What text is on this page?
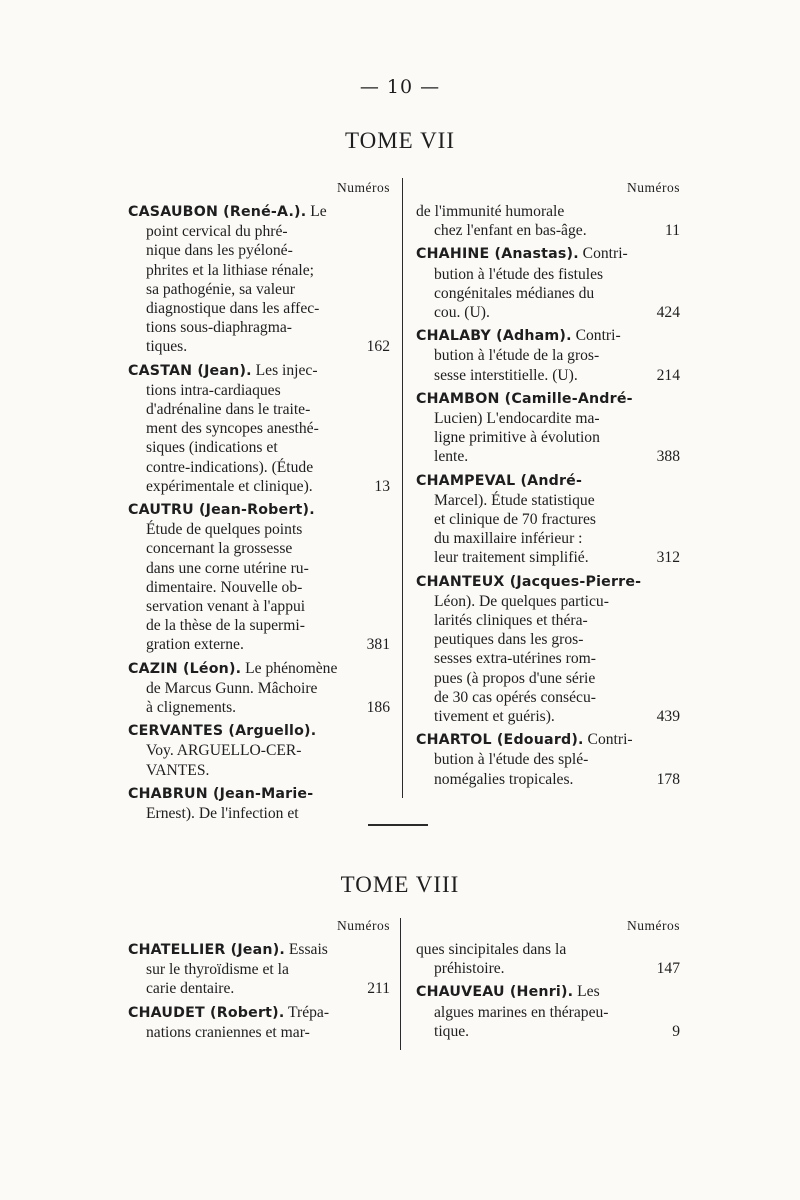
— 10 —
TOME VII
TOME VIII
Numéros
CASAUBON (René-A.). Le
point cervical du phré-
nique dans les pyéloné-
phrites et la lithiase rénale;
sa pathogénie, sa valeur
diagnostique dans les affec-
tions sous-diaphragma-
tiques.	162
CASTAN (Jean). Les injec-
tions intra-cardiaques
d'adrénaline dans le traite-
ment des syncopes anesthé-
siques (indications et
contre-indications). (Étude
expérimentale et clinique).	13
CAUTRU (Jean-Robert).
Étude de quelques points
concernant la grossesse
dans une corne utérine ru-
dimentaire. Nouvelle ob-
servation venant à l'appui
de la thèse de la supermi-
gration externe.	381
CAZIN (Léon). Le phénomène
de Marcus Gunn. Mâchoire
à clignements.	186
CERVANTES (Arguello).
Voy. ARGUELLO-CER-
VANTES.
CHABRUN (Jean-Marie-
Ernest). De l'infection et
Numéros
de l'immunité humorale
chez l'enfant en bas-âge.	11
CHAHINE (Anastas). Contri-
bution à l'étude des fistules
congénitales médianes du
cou. (U).	424
CHALABY (Adham). Contri-
bution à l'étude de la gros-
sesse interstitielle. (U).	214
CHAMBON (Camille-André-
Lucien) L'endocardite ma-
ligne primitive à évolution
lente.	388
CHAMPEVAL (André-
Marcel). Étude statistique
et clinique de 70 fractures
du maxillaire inférieur :
leur traitement simplifié.	312
CHANTEUX (Jacques-Pierre-
Léon). De quelques particu-
larités cliniques et théra-
peutiques dans les gros-
sesses extra-utérines rom-
pues (à propos d'une série
de 30 cas opérés consécu-
tivement et guéris).	439
CHARTOL (Edouard). Contri-
bution à l'étude des splé-
nomégalies tropicales.	178
Numéros
CHATELLIER (Jean). Essais
sur le thyroïdisme et la
carie dentaire.	211
CHAUDET (Robert). Trépa-
nations craniennes et mar-
Numéros
ques sincipitales dans la
préhistoire.	147
CHAUVEAU (Henri). Les
algues marines en thérapeu-
tique.	9
